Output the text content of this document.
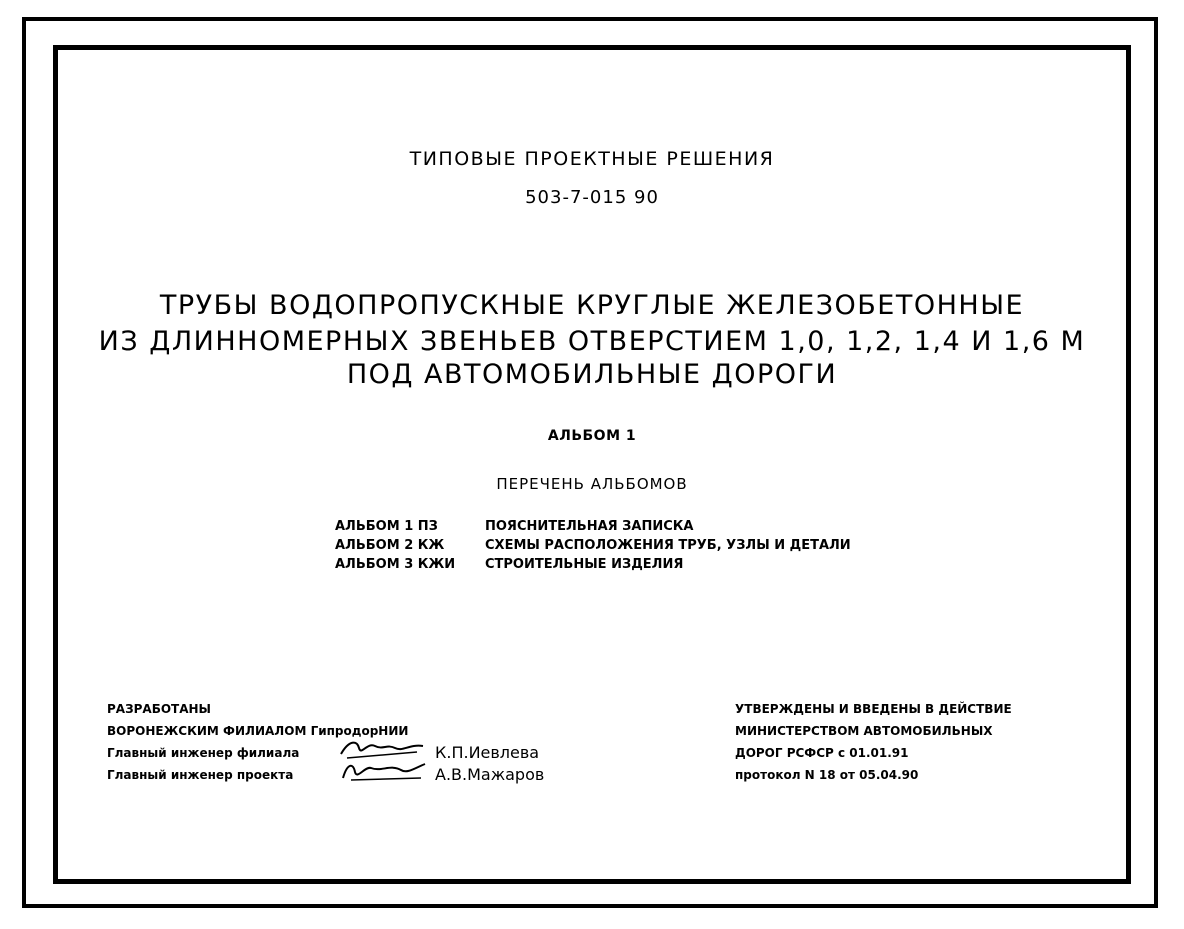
ТИПОВЫЕ ПРОЕКТНЫЕ РЕШЕНИЯ
503-7-015 90
ТРУБЫ ВОДОПРОПУСКНЫЕ КРУГЛЫЕ ЖЕЛЕЗОБЕТОННЫЕ
ИЗ ДЛИННОМЕРНЫХ ЗВЕНЬЕВ ОТВЕРСТИЕМ 1,0, 1,2, 1,4 И 1,6 М
ПОД АВТОМОБИЛЬНЫЕ ДОРОГИ
АЛЬБОМ 1
ПЕРЕЧЕНЬ АЛЬБОМОВ
АЛЬБОМ 1 ПЗ	ПОЯСНИТЕЛЬНАЯ ЗАПИСКА
АЛЬБОМ 2 КЖ	СХЕМЫ РАСПОЛОЖЕНИЯ ТРУБ, УЗЛЫ И ДЕТАЛИ
АЛЬБОМ 3 КЖИ	СТРОИТЕЛЬНЫЕ ИЗДЕЛИЯ
РАЗРАБОТАНЫ
ВОРОНЕЖСКИМ ФИЛИАЛОМ ГипродорНИИ
Главный инженер филиала	К.П.Иевлева
Главный инженер проекта	А.В.Мажаров
УТВЕРЖДЕНЫ И ВВЕДЕНЫ В ДЕЙСТВИЕ
МИНИСТЕРСТВОМ АВТОМОБИЛЬНЫХ
ДОРОГ РСФСР с 01.01.91
протокол N 18 от 05.04.90
